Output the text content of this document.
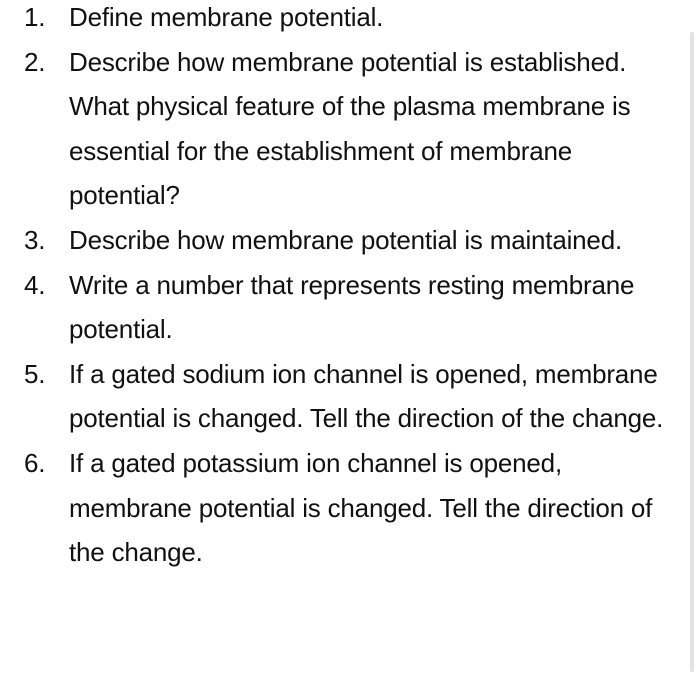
1. Define membrane potential.
2. Describe how membrane potential is established. What physical feature of the plasma membrane is essential for the establishment of membrane potential?
3. Describe how membrane potential is maintained.
4. Write a number that represents resting membrane potential.
5. If a gated sodium ion channel is opened, membrane potential is changed. Tell the direction of the change.
6. If a gated potassium ion channel is opened, membrane potential is changed. Tell the direction of the change.
